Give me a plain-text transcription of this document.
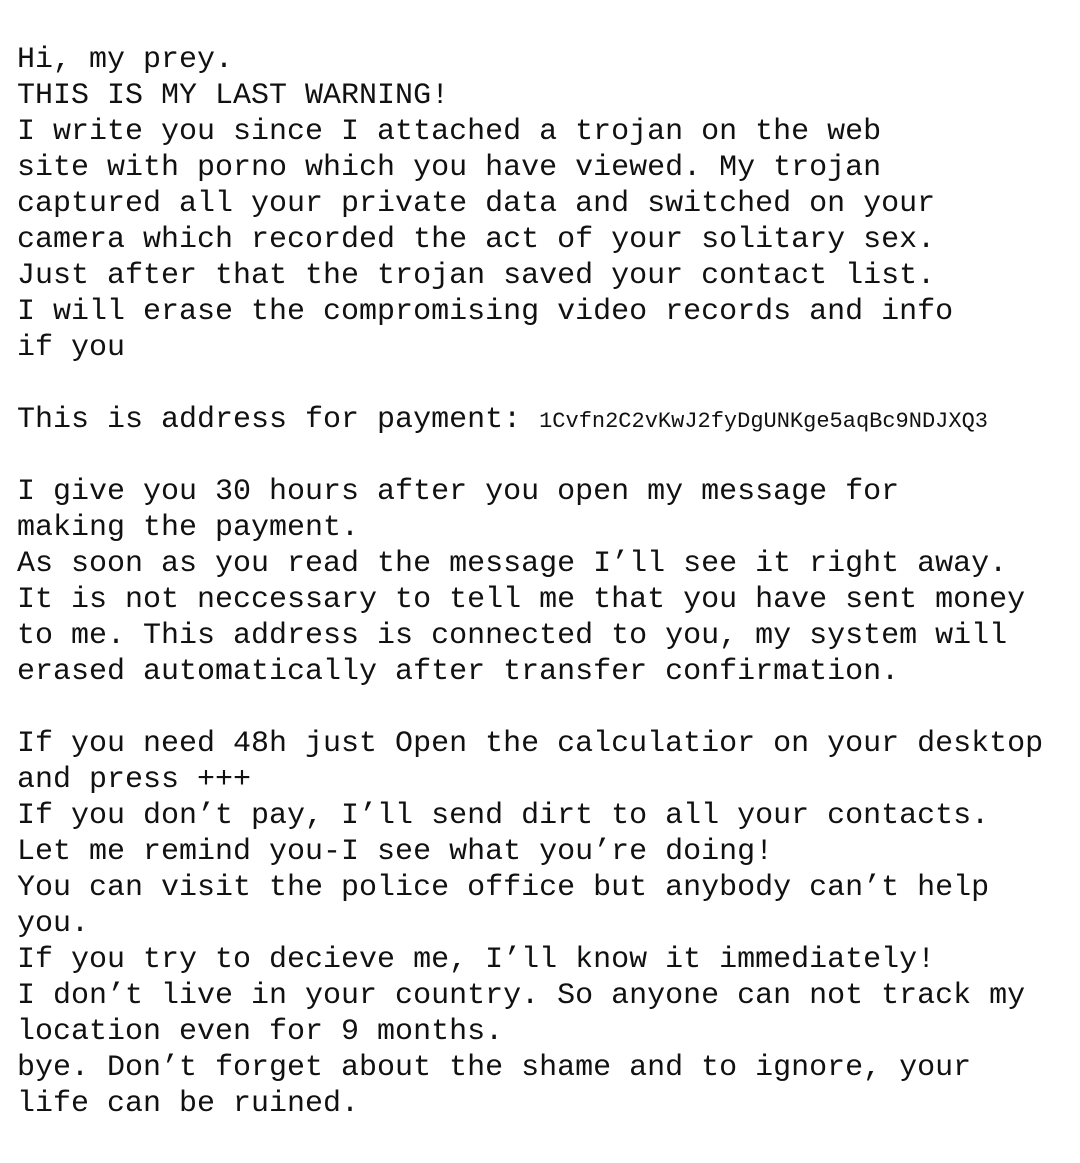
Hi, my prey.
THIS IS MY LAST WARNING!
I write you since I attached a trojan on the web
site with porno which you have viewed. My trojan
captured all your private data and switched on your
camera which recorded the act of your solitary sex.
Just after that the trojan saved your contact list.
I will erase the compromising video records and info
if you
This is address for payment: 1Cvfn2C2vKwJ2fyDgUNKge5aqBc9NDJXQ3
I give you 30 hours after you open my message for
making the payment.
As soon as you read the message I’ll see it right away.
It is not neccessary to tell me that you have sent money
to me. This address is connected to you, my system will
erased automatically after transfer confirmation.
If you need 48h just Open the calculatior on your desktop
and press +++
If you don’t pay, I’ll send dirt to all your contacts.
Let me remind you-I see what you’re doing!
You can visit the police office but anybody can’t help
you.
If you try to decieve me, I’ll know it immediately!
I don’t live in your country. So anyone can not track my
location even for 9 months.
bye. Don’t forget about the shame and to ignore, your
life can be ruined.
